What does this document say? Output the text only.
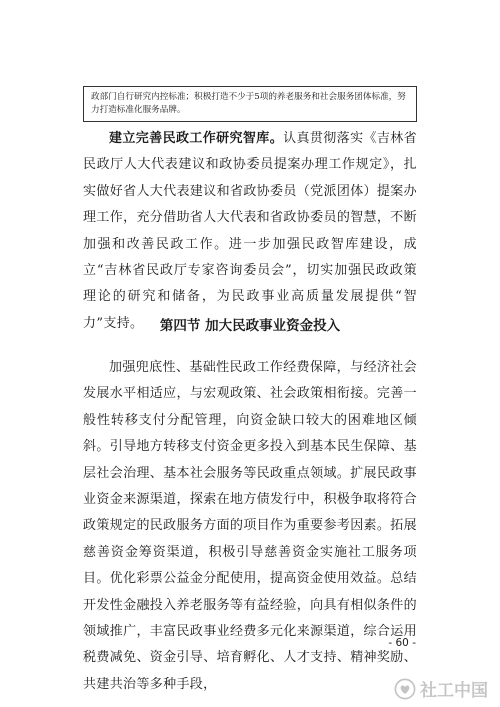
政部门自行研究内控标准；积极打造不少于5项的养老服务和社会服务团体标准，努力打造标准化服务品牌。

建立完善民政工作研究智库。认真贯彻落实《吉林省民政厅人大代表建议和政协委员提案办理工作规定》，扎实做好省人大代表建议和省政协委员（党派团体）提案办理工作，充分借助省人大代表和省政协委员的智慧，不断加强和改善民政工作。进一步加强民政智库建设，成立“吉林省民政厅专家咨询委员会”，切实加强民政政策理论的研究和储备，为民政事业高质量发展提供“智力”支持。	第四节 加大民政事业资金投入

加强兜底性、基础性民政工作经费保障，与经济社会发展水平相适应，与宏观政策、社会政策相衔接。完善一般性转移支付分配管理，向资金缺口较大的困难地区倾斜。引导地方转移支付资金更多投入到基本民生保障、基层社会治理、基本社会服务等民政重点领域。扩展民政事业资金来源渠道，探索在地方债发行中，积极争取将符合政策规定的民政服务方面的项目作为重要参考因素。拓展慈善资金筹资渠道，积极引导慈善资金实施社工服务项目。优化彩票公益金分配使用，提高资金使用效益。总结开发性金融投入养老服务等有益经验，向具有相似条件的领域推广，丰富民政事业经费多元化来源渠道，综合运用税费减免、资金引导、培育孵化、人才支持、精神奖励、共建共治等多种手段，

- 60 -
社工中国
